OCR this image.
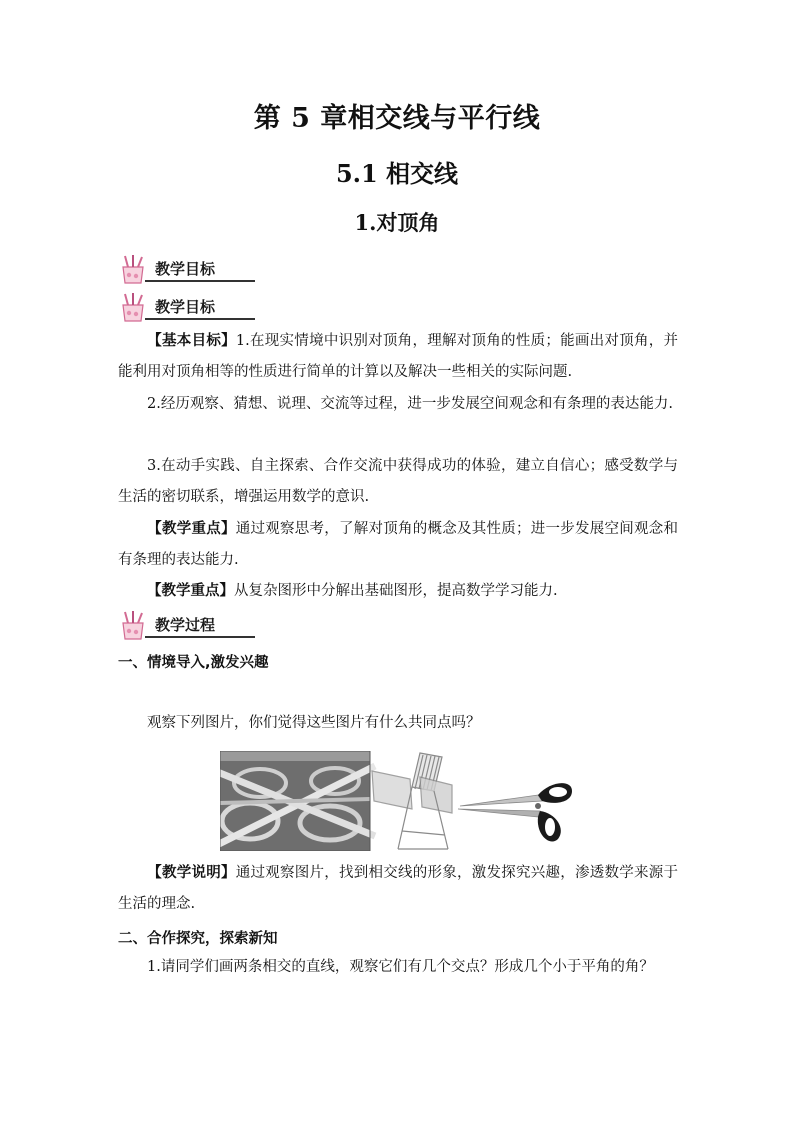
第 5 章相交线与平行线
5.1 相交线
1.对顶角
教学目标
教学目标
【基本目标】1.在现实情境中识别对顶角，理解对顶角的性质；能画出对顶角，并能利用对顶角相等的性质进行简单的计算以及解决一些相关的实际问题.
2.经历观察、猜想、说理、交流等过程，进一步发展空间观念和有条理的表达能力.
3.在动手实践、自主探索、合作交流中获得成功的体验，建立自信心；感受数学与生活的密切联系，增强运用数学的意识.
【教学重点】通过观察思考，了解对顶角的概念及其性质；进一步发展空间观念和有条理的表达能力.
【教学重点】从复杂图形中分解出基础图形，提高数学学习能力.
教学过程
一、情境导入,激发兴趣
观察下列图片，你们觉得这些图片有什么共同点吗？
【教学说明】通过观察图片，找到相交线的形象，激发探究兴趣，渗透数学来源于生活的理念.
二、合作探究，探索新知
1.请同学们画两条相交的直线，观察它们有几个交点？形成几个小于平角的角？
